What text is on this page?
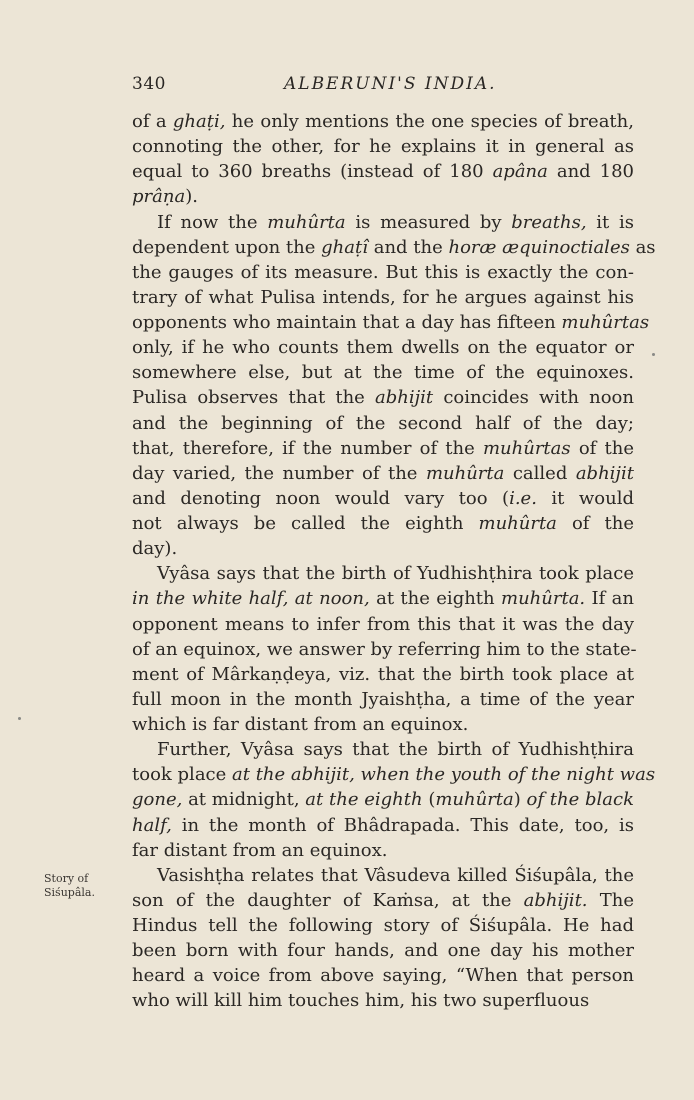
340	ALBERUNI'S INDIA.
Story of
Siśupâla.
of a ghaṭi, he only mentions the one species of breath,
connoting the other, for he explains it in general as
equal to 360 breaths (instead of 180 apâna and 180
prâṇa).
If now the muhûrta is measured by breaths, it is
dependent upon the ghaṭî and the horæ æquinoctiales as
the gauges of its measure. But this is exactly the con-
trary of what Pulisa intends, for he argues against his
opponents who maintain that a day has fifteen muhûrtas
only, if he who counts them dwells on the equator or
somewhere else, but at the time of the equinoxes.
Pulisa observes that the abhijit coincides with noon
and the beginning of the second half of the day;
that, therefore, if the number of the muhûrtas of the
day varied, the number of the muhûrta called abhijit
and denoting noon would vary too (i.e. it would
not always be called the eighth muhûrta of the
day).
Vyâsa says that the birth of Yudhishṭhira took place
in the white half, at noon, at the eighth muhûrta. If an
opponent means to infer from this that it was the day
of an equinox, we answer by referring him to the state-
ment of Mârkaṇḍeya, viz. that the birth took place at
full moon in the month Jyaishṭha, a time of the year
which is far distant from an equinox.
Further, Vyâsa says that the birth of Yudhishṭhira
took place at the abhijit, when the youth of the night was
gone, at midnight, at the eighth (muhûrta) of the black
half, in the month of Bhâdrapada. This date, too, is
far distant from an equinox.
Vasishṭha relates that Vâsudeva killed Śiśupâla, the
son of the daughter of Kaṁsa, at the abhijit. The
Hindus tell the following story of Śiśupâla. He had
been born with four hands, and one day his mother
heard a voice from above saying, “When that person
who will kill him touches him, his two superfluous
